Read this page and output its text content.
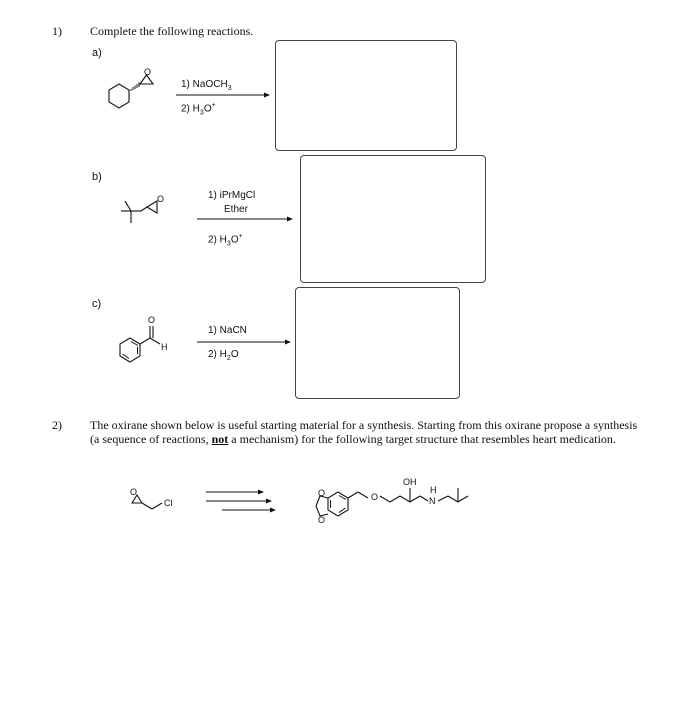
1) Complete the following reactions.
a)
O
1) NaOCH$_3$
2) $H_3O^+$
b)
O	1) iPrMgCl
Ether
2) $H_3O^+$
c)
O
H
1) NaCN
2) $H_2O$
2) The oxirane shown below is useful starting material for a synthesis. Starting from this oxirane propose a synthesis (a sequence of reactions, not a mechanism) for the following target structure that resembles heart medication.
O
Cl
O
O
O
OH
H
N
